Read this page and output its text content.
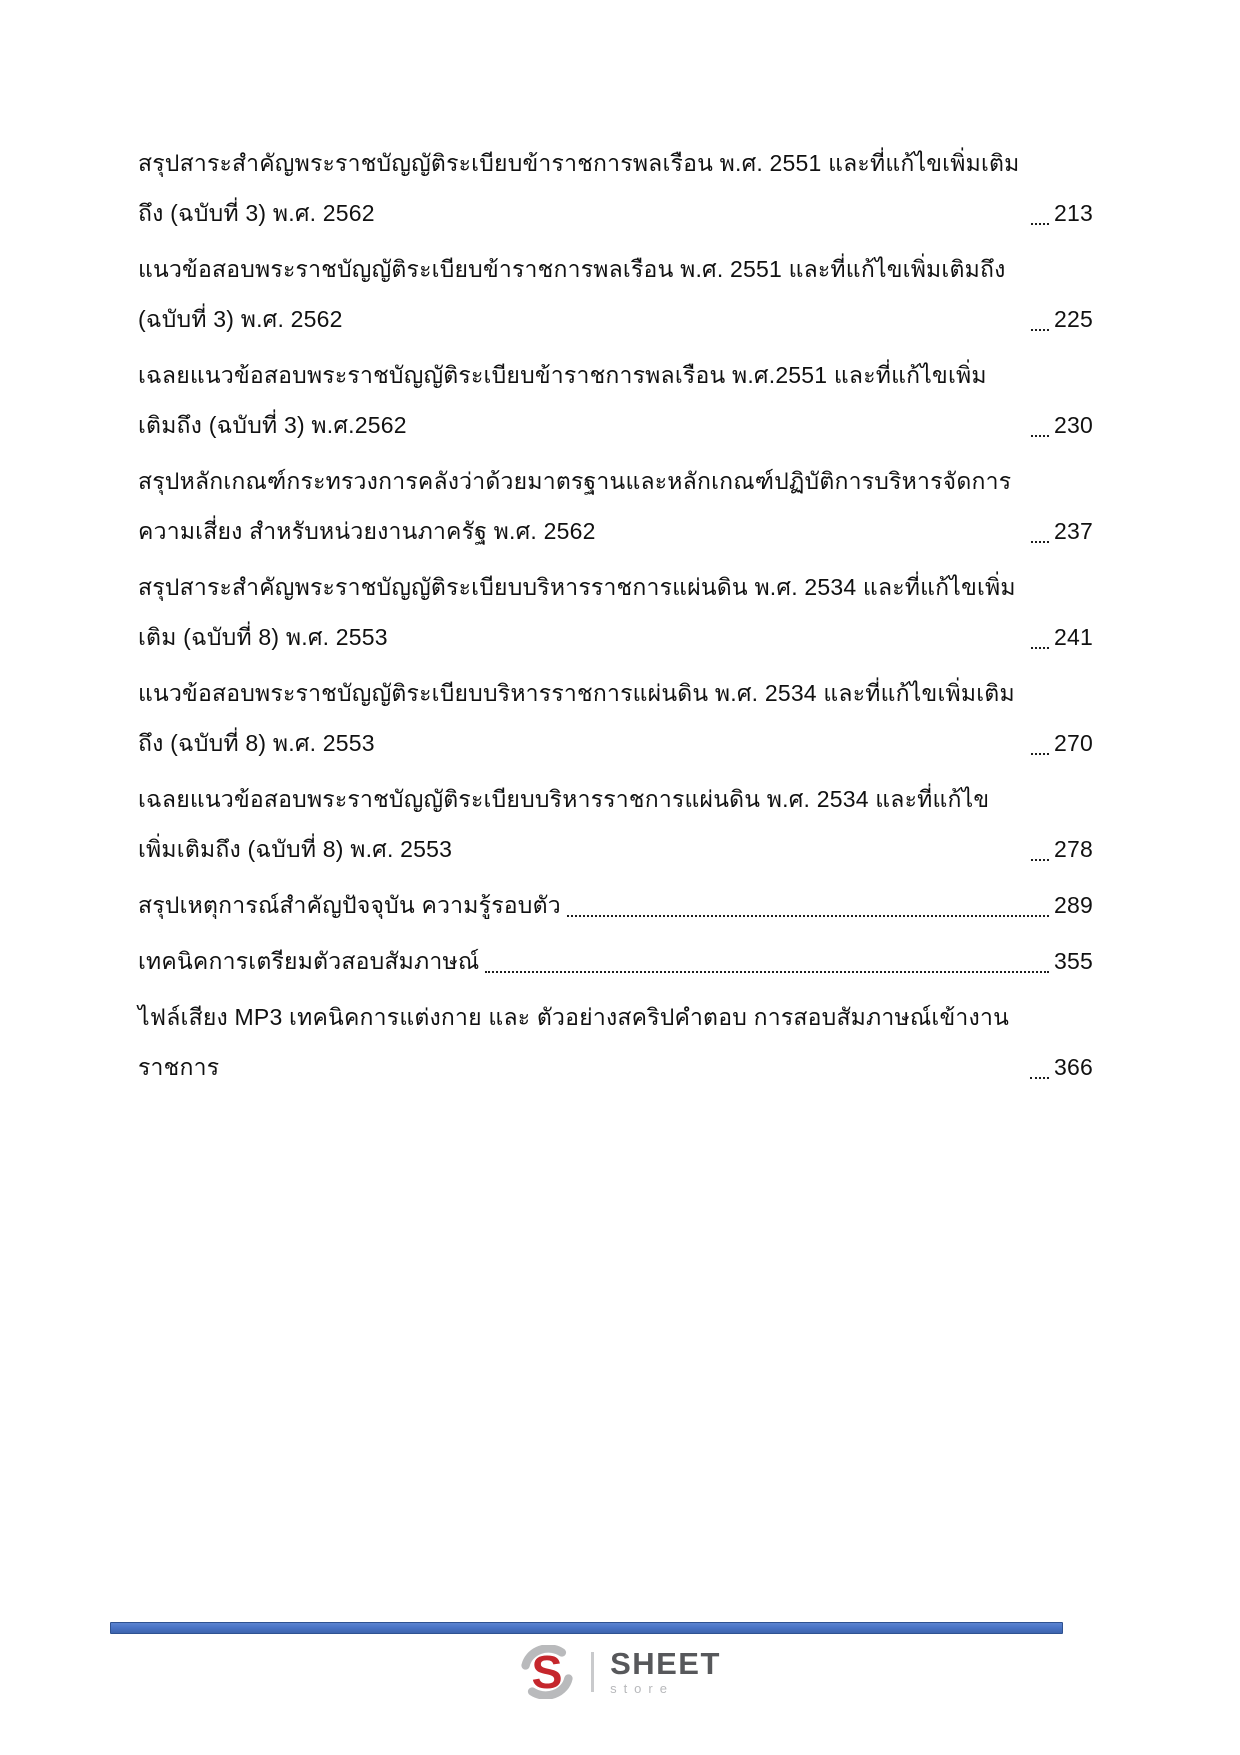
สรุปสาระสำคัญพระราชบัญญัติระเบียบข้าราชการพลเรือน พ.ศ. 2551 และที่แก้ไขเพิ่มเติมถึง (ฉบับที่ 3) พ.ศ. 2562	213
แนวข้อสอบพระราชบัญญัติระเบียบข้าราชการพลเรือน พ.ศ. 2551 และที่แก้ไขเพิ่มเติมถึง (ฉบับที่ 3) พ.ศ. 2562	225
เฉลยแนวข้อสอบพระราชบัญญัติระเบียบข้าราชการพลเรือน พ.ศ.2551 และที่แก้ไขเพิ่มเติมถึง (ฉบับที่ 3) พ.ศ.2562	230
สรุปหลักเกณฑ์กระทรวงการคลังว่าด้วยมาตรฐานและหลักเกณฑ์ปฏิบัติการบริหารจัดการความเสี่ยง สำหรับหน่วยงานภาครัฐ พ.ศ. 2562	237
สรุปสาระสำคัญพระราชบัญญัติระเบียบบริหารราชการแผ่นดิน พ.ศ. 2534 และที่แก้ไขเพิ่มเติม (ฉบับที่ 8) พ.ศ. 2553	241
แนวข้อสอบพระราชบัญญัติระเบียบบริหารราชการแผ่นดิน พ.ศ. 2534 และที่แก้ไขเพิ่มเติมถึง (ฉบับที่ 8) พ.ศ. 2553	270
เฉลยแนวข้อสอบพระราชบัญญัติระเบียบบริหารราชการแผ่นดิน พ.ศ. 2534 และที่แก้ไขเพิ่มเติมถึง (ฉบับที่ 8) พ.ศ. 2553	278
สรุปเหตุการณ์สำคัญปัจจุบัน ความรู้รอบตัว	289
เทคนิคการเตรียมตัวสอบสัมภาษณ์	355
ไฟล์เสียง MP3 เทคนิคการแต่งกาย และ ตัวอย่างสคริปคำตอบ การสอบสัมภาษณ์เข้างานราชการ	366
S SHEET
store
